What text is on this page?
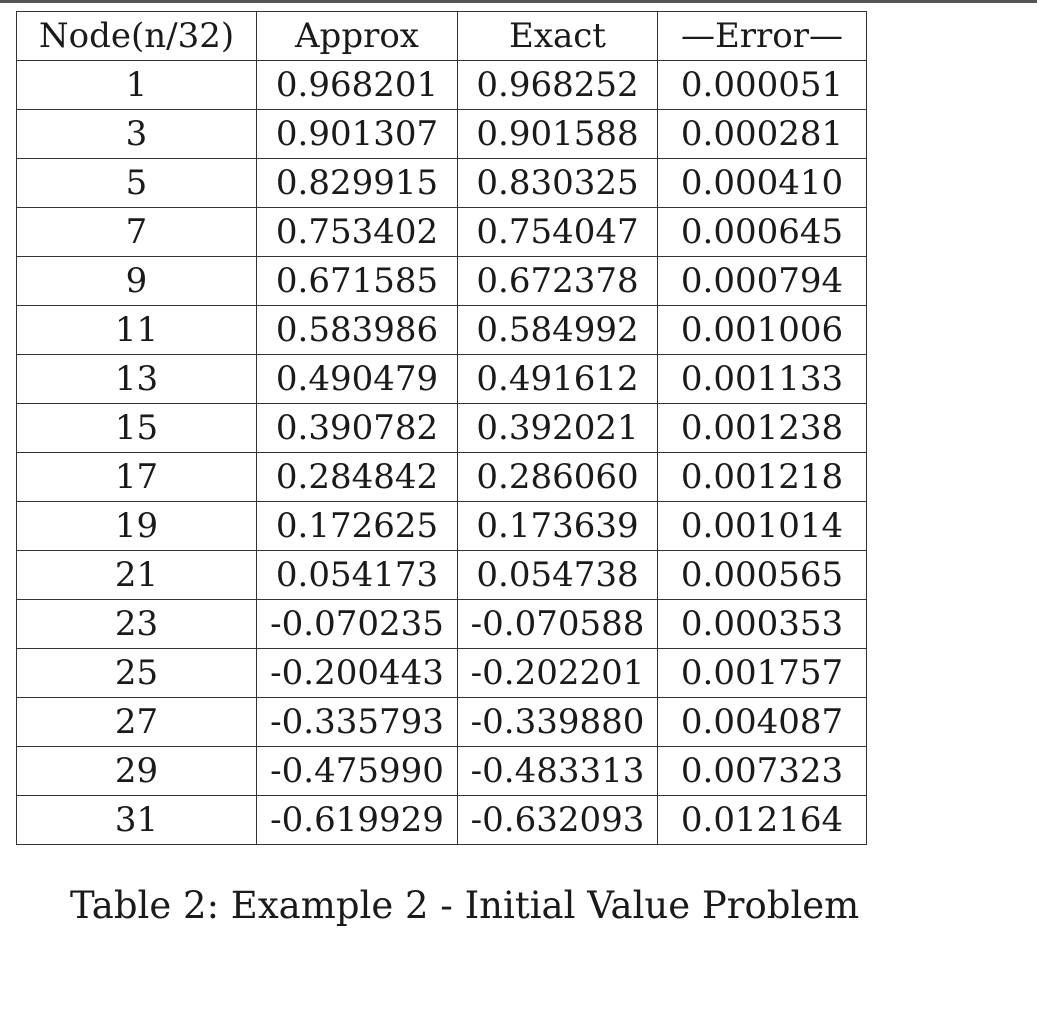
Node(n/32)	Approx	Exact	—Error—
1	0.968201	0.968252	0.000051
3	0.901307	0.901588	0.000281
5	0.829915	0.830325	0.000410
7	0.753402	0.754047	0.000645
9	0.671585	0.672378	0.000794
11	0.583986	0.584992	0.001006
13	0.490479	0.491612	0.001133
15	0.390782	0.392021	0.001238
17	0.284842	0.286060	0.001218
19	0.172625	0.173639	0.001014
21	0.054173	0.054738	0.000565
23	-0.070235	-0.070588	0.000353
25	-0.200443	-0.202201	0.001757
27	-0.335793	-0.339880	0.004087
29	-0.475990	-0.483313	0.007323
31	-0.619929	-0.632093	0.012164
Table 2: Example 2 - Initial Value Problem
